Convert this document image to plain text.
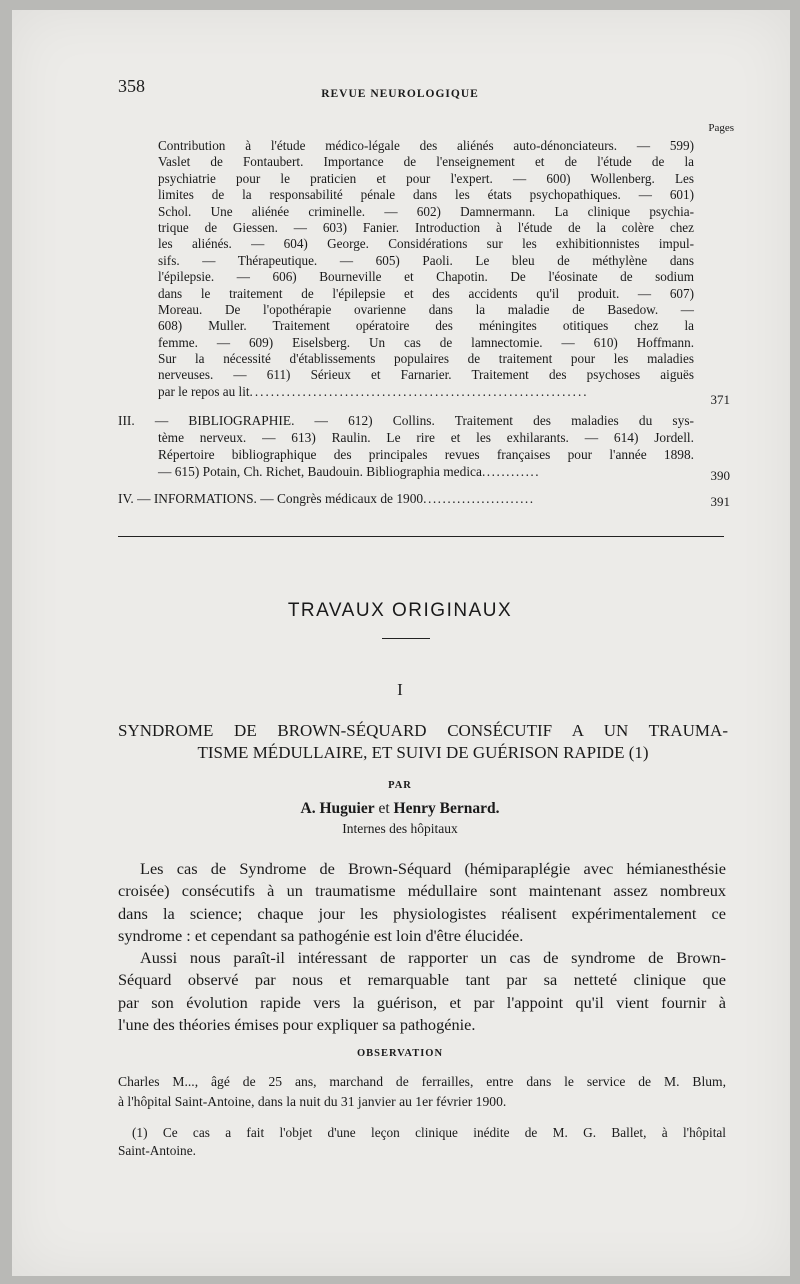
358	REVUE NEUROLOGIQUE
Pages
Contribution à l'étude médico-légale des aliénés auto-dénonciateurs. — 599)
Vaslet de Fontaubert. Importance de l'enseignement et de l'étude de la
psychiatrie pour le praticien et pour l'expert. — 600) Wollenberg. Les
limites de la responsabilité pénale dans les états psychopathiques. — 601)
Schol. Une aliénée criminelle. — 602) Damnermann. La clinique psychia-
trique de Giessen. — 603) Fanier. Introduction à l'étude de la colère chez
les aliénés. — 604) George. Considérations sur les exhibitionnistes impul-
sifs. — Thérapeutique. — 605) Paoli. Le bleu de méthylène dans
l'épilepsie. — 606) Bourneville et Chapotin. De l'éosinate de sodium
dans le traitement de l'épilepsie et des accidents qu'il produit. — 607)
Moreau. De l'opothérapie ovarienne dans la maladie de Basedow. —
608) Muller. Traitement opératoire des méningites otitiques chez la
femme. — 609) Eiselsberg. Un cas de lamnectomie. — 610) Hoffmann.
Sur la nécessité d'établissements populaires de traitement pour les maladies
nerveuses. — 611) Sérieux et Farnarier. Traitement des psychoses aiguës
par le repos au lit................................................................
371
III. — BIBLIOGRAPHIE. — 612) Collins. Traitement des maladies du sys-
tème nerveux. — 613) Raulin. Le rire et les exhilarants. — 614) Jordell.
Répertoire bibliographique des principales revues françaises pour l'année 1898.
— 615) Potain, Ch. Richet, Baudouin. Bibliographia medica............	390
IV. — INFORMATIONS. — Congrès médicaux de 1900.......................	391
TRAVAUX ORIGINAUX
I
SYNDROME DE BROWN-SÉQUARD CONSÉCUTIF A UN TRAUMA-
TISME MÉDULLAIRE, ET SUIVI DE GUÉRISON RAPIDE (1)
PAR
A. Huguier et Henry Bernard.
Internes des hôpitaux
Les cas de Syndrome de Brown-Séquard (hémiparaplégie avec hémianesthésie
croisée) consécutifs à un traumatisme médullaire sont maintenant assez nombreux
dans la science; chaque jour les physiologistes réalisent expérimentalement ce
syndrome : et cependant sa pathogénie est loin d'être élucidée.
Aussi nous paraît-il intéressant de rapporter un cas de syndrome de Brown-
Séquard observé par nous et remarquable tant par sa netteté clinique que
par son évolution rapide vers la guérison, et par l'appoint qu'il vient fournir à
l'une des théories émises pour expliquer sa pathogénie.
OBSERVATION
Charles M..., âgé de 25 ans, marchand de ferrailles, entre dans le service de M. Blum,
à l'hôpital Saint-Antoine, dans la nuit du 31 janvier au 1er février 1900.
(1) Ce cas a fait l'objet d'une leçon clinique inédite de M. G. Ballet, à l'hôpital
Saint-Antoine.
